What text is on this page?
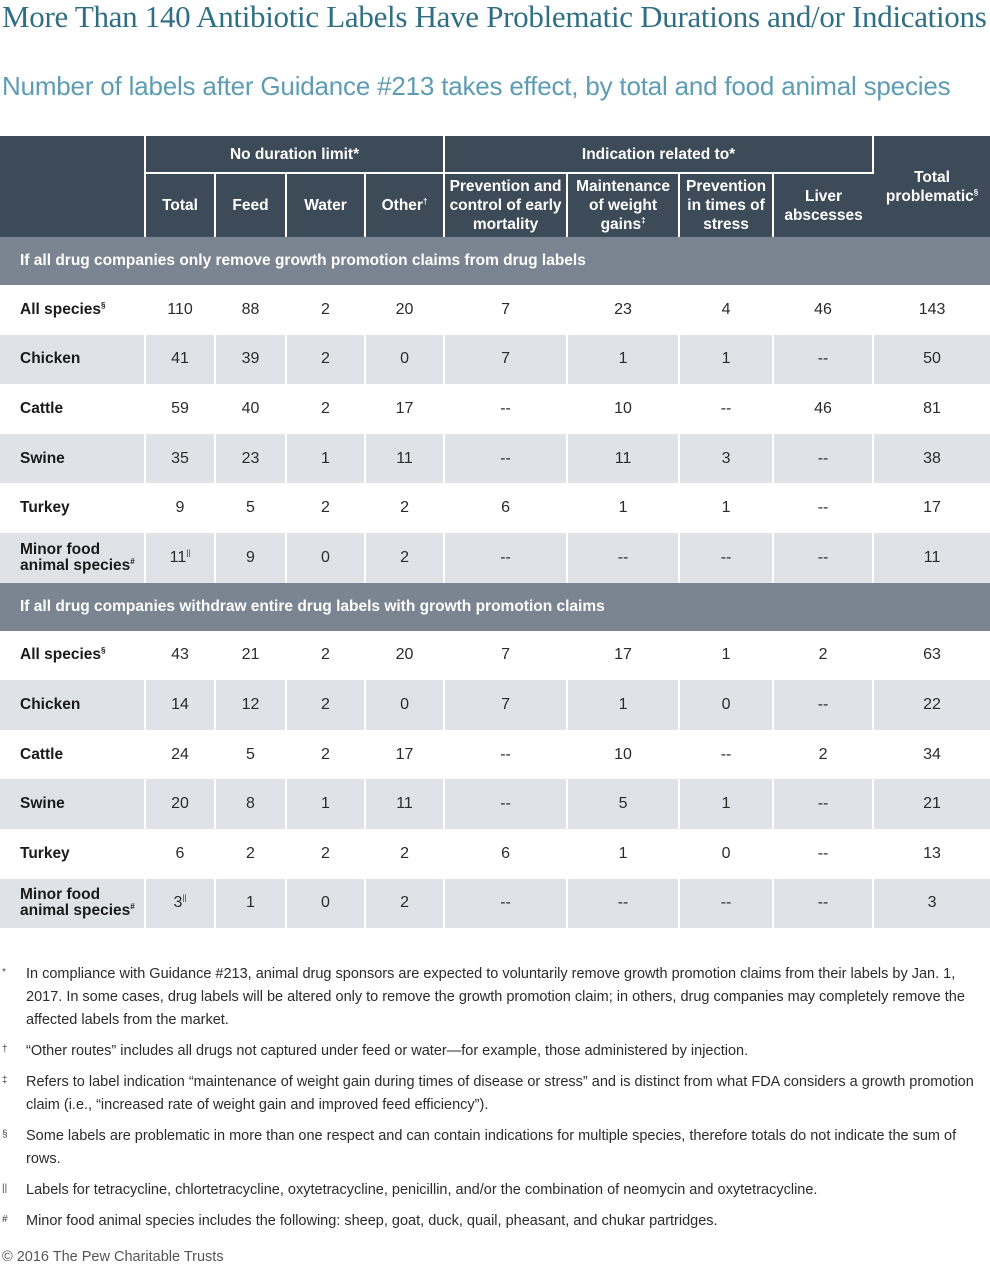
More Than 140 Antibiotic Labels Have Problematic Durations and/or Indications
Number of labels after Guidance #213 takes effect, by total and food animal species
	No duration limit*				Indication related to*				Total problematic§
	Total	Feed	Water	Other†	Prevention and control of early mortality	Maintenance of weight gains‡	Prevention in times of stress	Liver abscesses	
If all drug companies only remove growth promotion claims from drug labels									
All species§	110	88	2	20	7	23	4	46	143
Chicken	41	39	2	0	7	1	1	--	50
Cattle	59	40	2	17	--	10	--	46	81
Swine	35	23	1	11	--	11	3	--	38
Turkey	9	5	2	2	6	1	1	--	17
Minor food animal species#	11||	9	0	2	--	--	--	--	11
If all drug companies withdraw entire drug labels with growth promotion claims									
All species§	43	21	2	20	7	17	1	2	63
Chicken	14	12	2	0	7	1	0	--	22
Cattle	24	5	2	17	--	10	--	2	34
Swine	20	8	1	11	--	5	1	--	21
Turkey	6	2	2	2	6	1	0	--	13
Minor food animal species#	3||	1	0	2	--	--	--	--	3
*	In compliance with Guidance #213, animal drug sponsors are expected to voluntarily remove growth promotion claims from their labels by Jan. 1, 2017. In some cases, drug labels will be altered only to remove the growth promotion claim; in others, drug companies may completely remove the affected labels from the market.
†	“Other routes” includes all drugs not captured under feed or water—for example, those administered by injection.
‡	Refers to label indication “maintenance of weight gain during times of disease or stress” and is distinct from what FDA considers a growth promotion claim (i.e., “increased rate of weight gain and improved feed efficiency”).
§	Some labels are problematic in more than one respect and can contain indications for multiple species, therefore totals do not indicate the sum of rows.
||	Labels for tetracycline, chlortetracycline, oxytetracycline, penicillin, and/or the combination of neomycin and oxytetracycline.
#	Minor food animal species includes the following: sheep, goat, duck, quail, pheasant, and chukar partridges.
© 2016 The Pew Charitable Trusts
